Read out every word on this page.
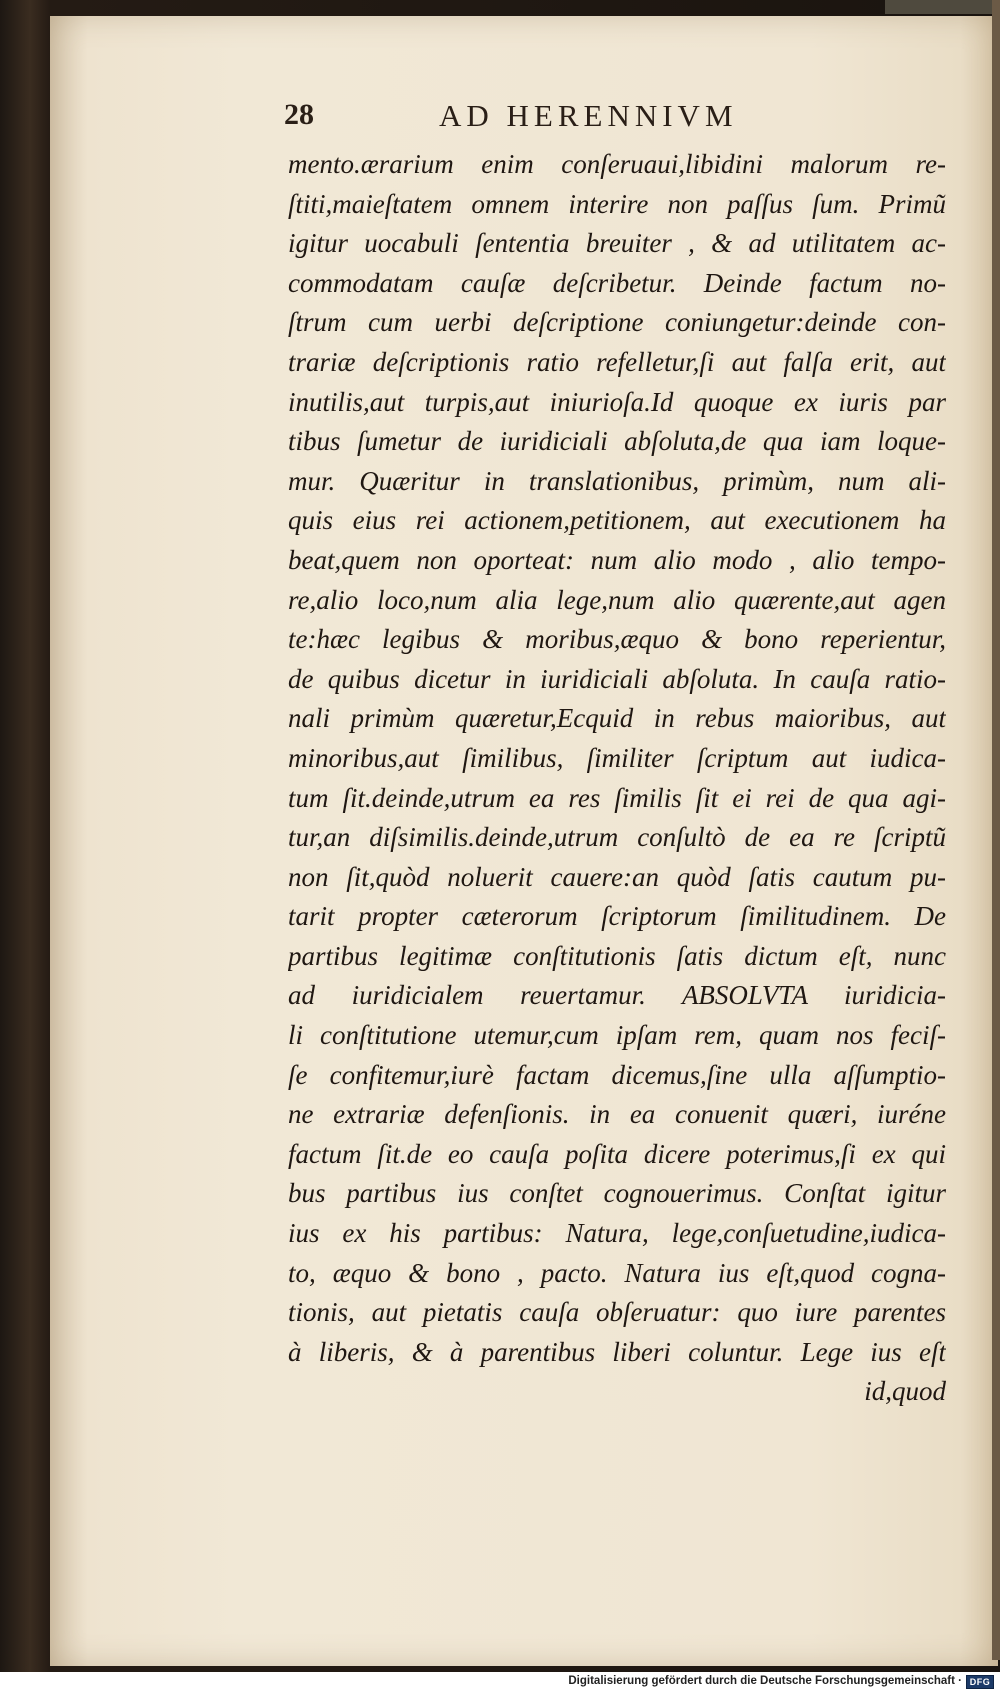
28	AD HERENNIVM
mento.ærarium enim conſeruaui,libidini malorum re-
ſtiti,maieſtatem omnem interire non paſſus ſum. Primũ
igitur uocabuli ſententia breuiter , & ad utilitatem ac-
commodatam cauſæ deſcribetur. Deinde factum no-
ſtrum cum uerbi deſcriptione coniungetur:deinde con-
trariæ deſcriptionis ratio refelletur,ſi aut falſa erit, aut
inutilis,aut turpis,aut iniurioſa.Id quoque ex iuris par
tibus ſumetur de iuridiciali abſoluta,de qua iam loque-
mur. Quæritur in translationibus, primùm, num ali-
quis eius rei actionem,petitionem, aut executionem ha
beat,quem non oporteat: num alio modo , alio tempo-
re,alio loco,num alia lege,num alio quærente,aut agen
te:hæc legibus & moribus,æquo & bono reperientur,
de quibus dicetur in iuridiciali abſoluta. In cauſa ratio-
nali primùm quæretur,Ecquid in rebus maioribus, aut
minoribus,aut ſimilibus, ſimiliter ſcriptum aut iudica-
tum ſit.deinde,utrum ea res ſimilis ſit ei rei de qua agi-
tur,an diſsimilis.deinde,utrum conſultò de ea re ſcriptũ
non ſit,quòd noluerit cauere:an quòd ſatis cautum pu-
tarit propter cæterorum ſcriptorum ſimilitudinem. De
partibus legitimæ conſtitutionis ſatis dictum eſt, nunc
ad iuridicialem reuertamur. ABSOLVTA iuridicia-
li conſtitutione utemur,cum ipſam rem, quam nos feciſ-
ſe confitemur,iurè factam dicemus,ſine ulla aſſumptio-
ne extrariæ defenſionis. in ea conuenit quæri, iuréne
factum ſit.de eo cauſa poſita dicere poterimus,ſi ex qui
bus partibus ius conſtet cognouerimus. Conſtat igitur
ius ex his partibus: Natura, lege,conſuetudine,iudica-
to, æquo & bono , pacto. Natura ius eſt,quod cogna-
tionis, aut pietatis cauſa obſeruatur: quo iure parentes
à liberis, & à parentibus liberi coluntur. Lege ius eſt
id,quod
Digitalisierung gefördert durch die Deutsche Forschungsgemeinschaft · DFG
